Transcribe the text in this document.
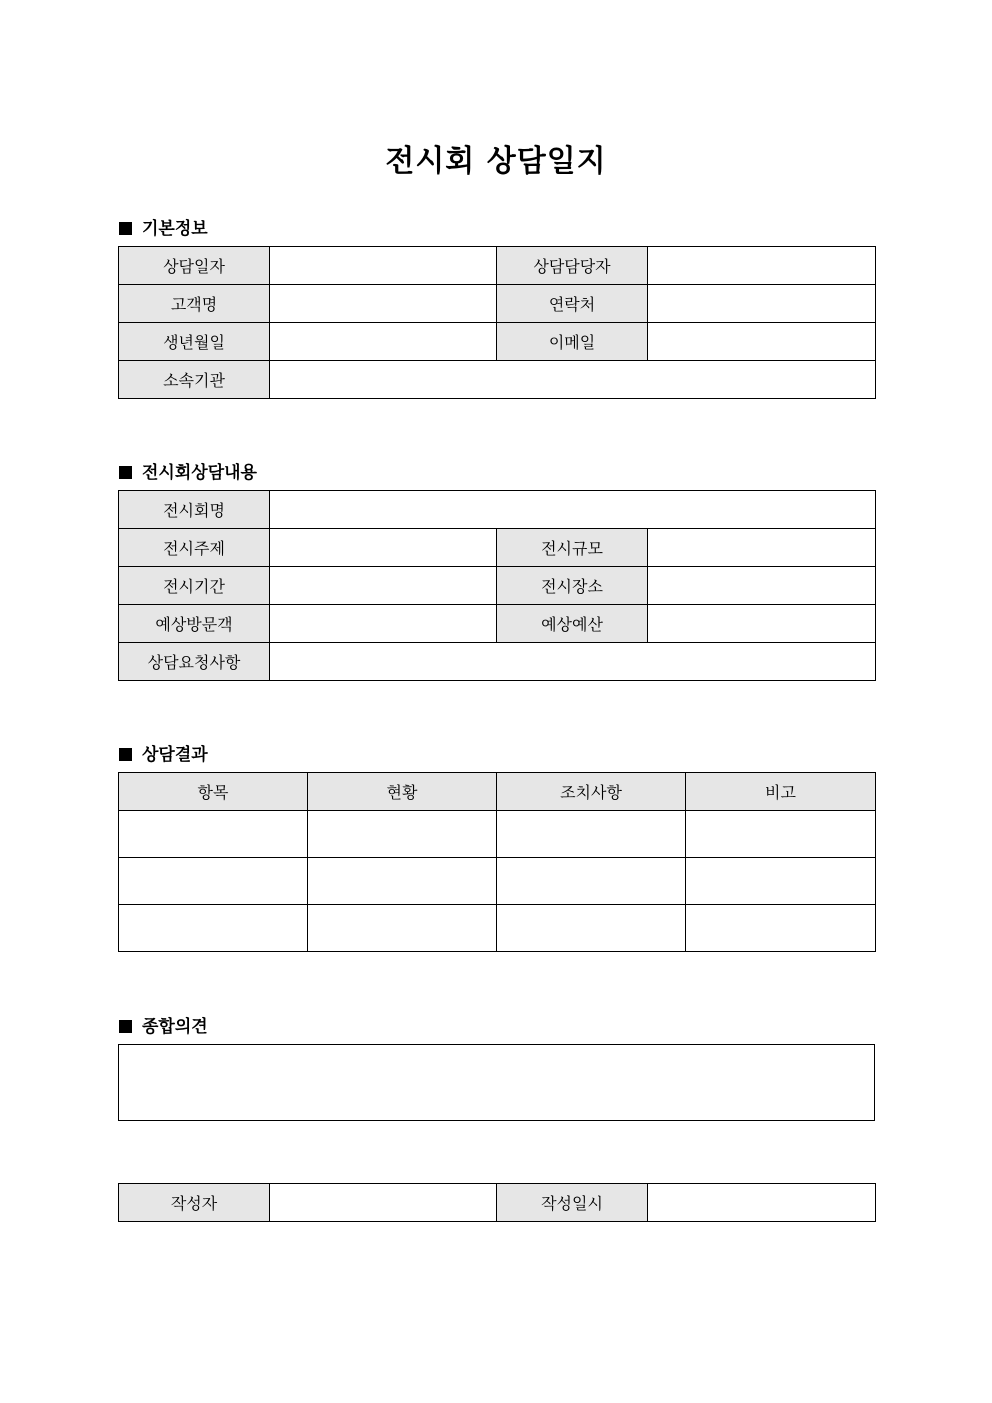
전시회 상담일지
기본정보
상담일자		상담담당자	
고객명		연락처	
생년월일		이메일	
소속기관			
전시회상담내용
전시회명			
전시주제		전시규모	
전시기간		전시장소	
예상방문객		예상예산	
상담요청사항			
상담결과
항목	현황	조치사항	비고

종합의견
작성자		작성일시	
